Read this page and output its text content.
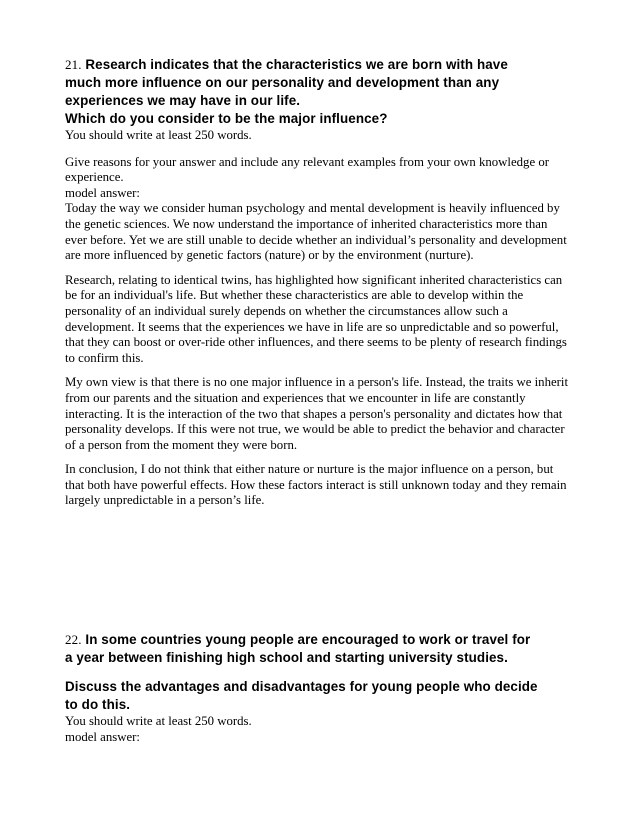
21. Research indicates that the characteristics we are born with have
much more influence on our personality and development than any
experiences we may have in our life.
Which do you consider to be the major influence?

You should write at least 250 words.

Give reasons for your answer and include any relevant examples from your own knowledge or

experience.

model answer:

Today the way we consider human psychology and mental development is heavily influenced by

the genetic sciences. We now understand the importance of inherited characteristics more than

ever before. Yet we are still unable to decide whether an individual’s personality and development

are more influenced by genetic factors (nature) or by the environment (nurture).

Research, relating to identical twins, has highlighted how significant inherited characteristics can

be for an individual's life. But whether these characteristics are able to develop within the

personality of an individual surely depends on whether the circumstances allow such a

development. It seems that the experiences we have in life are so unpredictable and so powerful,

that they can boost or over-ride other influences, and there seems to be plenty of research findings

to confirm this.

My own view is that there is no one major influence in a person's life. Instead, the traits we inherit

from our parents and the situation and experiences that we encounter in life are constantly

interacting. It is the interaction of the two that shapes a person's personality and dictates how that

personality develops. If this were not true, we would be able to predict the behavior and character

of a person from the moment they were born.

In conclusion, I do not think that either nature or nurture is the major influence on a person, but

that both have powerful effects. How these factors interact is still unknown today and they remain

largely unpredictable in a person’s life.

22. In some countries young people are encouraged to work or travel for
a year between finishing high school and starting university studies.
Discuss the advantages and disadvantages for young people who decide
to do this.

You should write at least 250 words.

model answer:
